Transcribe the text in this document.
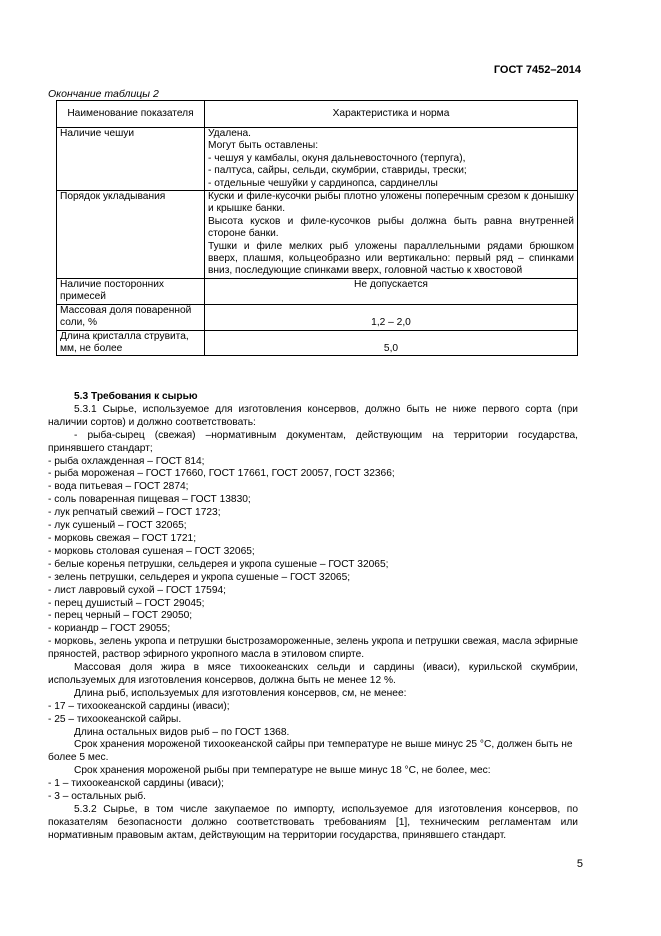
ГОСТ 7452–2014
Окончание таблицы 2
Наименование показателя	Характеристика и норма
Наличие чешуи	Удалена.
Могут быть оставлены:
- чешуя у камбалы, окуня дальневосточного (терпуга),
- палтуса, сайры, сельди, скумбрии, ставриды, трески;
- отдельные чешуйки у сардинопса, сардинеллы

Порядок укладывания	Куски и филе-кусочки рыбы плотно уложены поперечным срезом к донышку и крышке банки.
Высота кусков и филе-кусочков рыбы должна быть равна внутренней стороне банки.
Тушки и филе мелких рыб уложены параллельными рядами брюшком вверх, плашмя, кольцеобразно или вертикально: первый ряд – спинками вниз, последующие спинками вверх, головной частью к хвостовой

Наличие посторонних примесей	Не допускается
Массовая доля поваренной соли, %	1,2 – 2,0
Длина кристалла струвита, мм, не более	5,0

5.3 Требования к сырью

5.3.1 Сырье, используемое для изготовления консервов, должно быть не ниже первого сорта (при наличии сортов) и должно соответствовать:

- рыба-сырец (свежая) –нормативным документам, действующим на территории государства, принявшего стандарт;

- рыба охлажденная – ГОСТ 814;

- рыба мороженая – ГОСТ 17660, ГОСТ 17661, ГОСТ 20057, ГОСТ 32366;

- вода питьевая – ГОСТ 2874;

- соль поваренная пищевая – ГОСТ 13830;

- лук репчатый свежий – ГОСТ 1723;

- лук сушеный – ГОСТ 32065;

- морковь свежая – ГОСТ 1721;

- морковь столовая сушеная – ГОСТ 32065;

- белые коренья петрушки, сельдерея и укропа сушеные – ГОСТ 32065;

- зелень петрушки, сельдерея и укропа сушеные – ГОСТ 32065;

- лист лавровый сухой – ГОСТ 17594;

- перец душистый – ГОСТ 29045;

- перец черный – ГОСТ 29050;

- кориандр – ГОСТ 29055;

- морковь, зелень укропа и петрушки быстрозамороженные, зелень укропа и петрушки свежая, масла эфирные пряностей, раствор эфирного укропного масла в этиловом спирте.

Массовая доля жира в мясе тихоокеанских сельди и сардины (иваси), курильской скумбрии, используемых для изготовления консервов, должна быть не менее 12 %.

Длина рыб, используемых для изготовления консервов, см, не менее:

- 17 – тихоокеанской сардины (иваси);

- 25 – тихоокеанской сайры.

Длина остальных видов рыб – по ГОСТ 1368.

Срок хранения мороженой тихоокеанской сайры при температуре не выше минус 25 °С, должен быть не более 5 мес.

Срок хранения мороженой рыбы при температуре не выше минус 18 °С, не более, мес:

- 1 – тихоокеанской сардины (иваси);

- 3 – остальных рыб.

5.3.2 Сырье, в том числе закупаемое по импорту, используемое для изготовления консервов, по показателям безопасности должно соответствовать требованиям [1], техническим регламентам или нормативным правовым актам, действующим на территории государства, принявшего стандарт.

5
